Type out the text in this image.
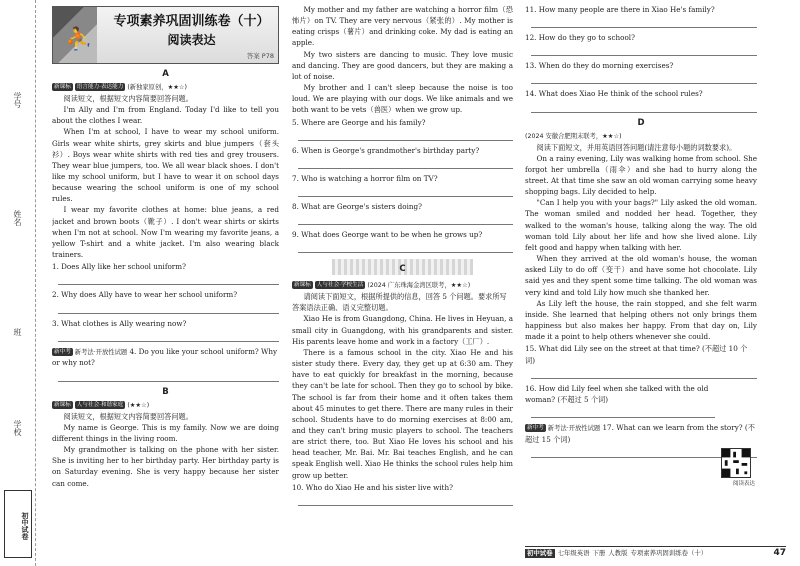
学号
姓名
班
学校
初中试卷
⛹
专项素养巩固训练卷（十）
阅读表达
答案 P78
A
新课标 语言能力·表达能力 (新独家原创，★★☆)

阅读短文，根据短文内容简要回答问题。

I'm Ally and I'm from England. Today I'd like to tell you about the clothes I wear.

When I'm at school, I have to wear my school uniform. Girls wear white shirts, grey skirts and blue jumpers（套头衫）. Boys wear white shirts with red ties and grey trousers. They wear blue jumpers, too. We all wear black shoes. I don't like my school uniform, but I have to wear it on school days because wearing the school uniform is one of my school rules.

I wear my favorite clothes at home: blue jeans, a red jacket and brown boots（靴子）. I don't wear shirts or skirts when I'm not at school. Now I'm wearing my favorite jeans, a yellow T-shirt and a white jacket. I'm also wearing black trainers.

1. Does Ally like her school uniform?
2. Why does Ally have to wear her school uniform?
3. What clothes is Ally wearing now?
新中考 新考法·开放性试题 4. Do you like your school uniform? Why or why not?
B
新课标 人与社会·和谐家庭 (★★☆)

阅读短文，根据短文内容简要回答问题。

My name is George. This is my family. Now we are doing different things in the living room.

My grandmother is talking on the phone with her sister. She is inviting her to her birthday party. Her birthday party is on Saturday evening. She is very happy because her sister can come.

My mother and my father are watching a horror film（恐怖片）on TV. They are very nervous（紧张的）. My mother is eating crisps（薯片）and drinking coke. My dad is eating an apple.

My two sisters are dancing to music. They love music and dancing. They are good dancers, but they are making a lot of noise.

My brother and I can't sleep because the noise is too loud. We are playing with our dogs. We like animals and we both want to be vets（兽医）when we grow up.

5. Where are George and his family?
6. When is George's grandmother's birthday party?
7. Who is watching a horror film on TV?
8. What are George's sisters doing?
9. What does George want to be when he grows up?
C
新课标 人与社会·学校生活 (2024 广东珠海金湾区联考，★★☆)

请阅读下面短文，根据所提供的信息，回答 5 个问题。要求所写答案语法正确、语义完整切题。

Xiao He is from Guangdong, China. He lives in Heyuan, a small city in Guangdong, with his grandparents and sister. His parents leave home and work in a factory（工厂）.

There is a famous school in the city. Xiao He and his sister study there. Every day, they get up at 6:30 am. They have to eat quickly for breakfast in the morning, because they can't be late for school. Then they go to school by bike. The school is far from their home and it often takes them about 45 minutes to get there. There are many rules in their school. Students have to do morning exercises at 8:00 am, and they can't bring music players to school. The teachers are strict there, too. But Xiao He loves his school and his head teacher, Mr. Bai. Mr. Bai teaches English, and he can speak English well. Xiao He thinks the school rules help him grow up better.

10. Who do Xiao He and his sister live with?
11. How many people are there in Xiao He's family?
12. How do they go to school?
13. When do they do morning exercises?
14. What does Xiao He think of the school rules?
D
(2024 安徽合肥期末联考，★★☆)

阅读下面短文，并用英语回答问题(请注意每小题的词数要求)。

On a rainy evening, Lily was walking home from school. She forgot her umbrella（雨伞）and she had to hurry along the street. At that time she saw an old woman carrying some heavy shopping bags. Lily decided to help.

"Can I help you with your bags?" Lily asked the old woman. The woman smiled and nodded her head. Together, they walked to the woman's house, talking along the way. The old woman told Lily about her life and how she lived alone. Lily felt good and happy when talking with her.

When they arrived at the old woman's house, the woman asked Lily to do off（变干）and have some hot chocolate. Lily said yes and they spent some time talking. The old woman was very kind and told Lily how much she thanked her.

As Lily left the house, the rain stopped, and she felt warm inside. She learned that helping others not only brings them happiness but also makes her happy. From that day on, Lily made it a point to help others whenever she could.

15. What did Lily see on the street at that time? (不超过 10 个词)
16. How did Lily feel when she talked with the old woman? (不超过 5 个词)
新中考 新考法·开放性试题 17. What can we learn from the story? (不超过 15 个词)
阅读表达
初中试卷 七年级英语 下册 人教版 专项素养巩固训练卷（十）	47
